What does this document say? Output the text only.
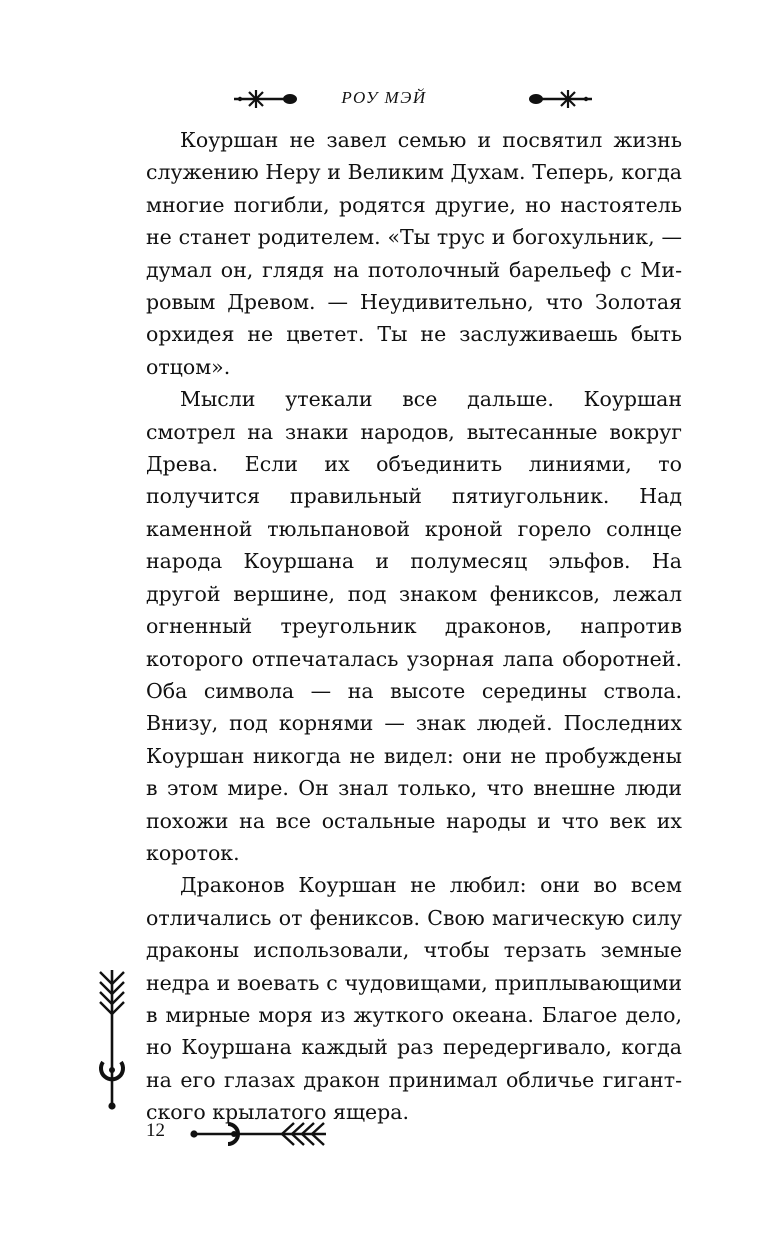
РОУ МЭЙ

Коуршан не завел семью и посвятил жизнь служению Неру и Великим Духам. Теперь, когда многие погибли, родятся другие, но настоятель не станет родителем. «Ты трус и богохульник, — думал он, глядя на потолочный барельеф с Мировым Древом. — Неудивительно, что Золотая орхидея не цветет. Ты не заслуживаешь быть отцом».

Мысли утекали все дальше. Коуршан смотрел на знаки народов, вытесанные вокруг Древа. Если их объединить линиями, то получится правильный пятиугольник. Над каменной тюльпановой кроной горело солнце народа Коуршана и полумесяц эльфов. На другой вершине, под знаком фениксов, лежал огненный треугольник драконов, напротив которого отпечаталась узорная лапа оборотней. Оба символа — на высоте середины ствола. Внизу, под корнями — знак людей. Последних Коуршан никогда не видел: они не пробуждены в этом мире. Он знал только, что внешне люди похожи на все остальные народы и что век их короток.

Драконов Коуршан не любил: они во всем отличались от фениксов. Свою магическую силу драконы использовали, чтобы терзать земные недра и воевать с чудовищами, приплывающими в мирные моря из жуткого океана. Благое дело, но Коуршана каждый раз передергивало, когда на его глазах дракон принимал обличье гигантского крылатого ящера.

12
